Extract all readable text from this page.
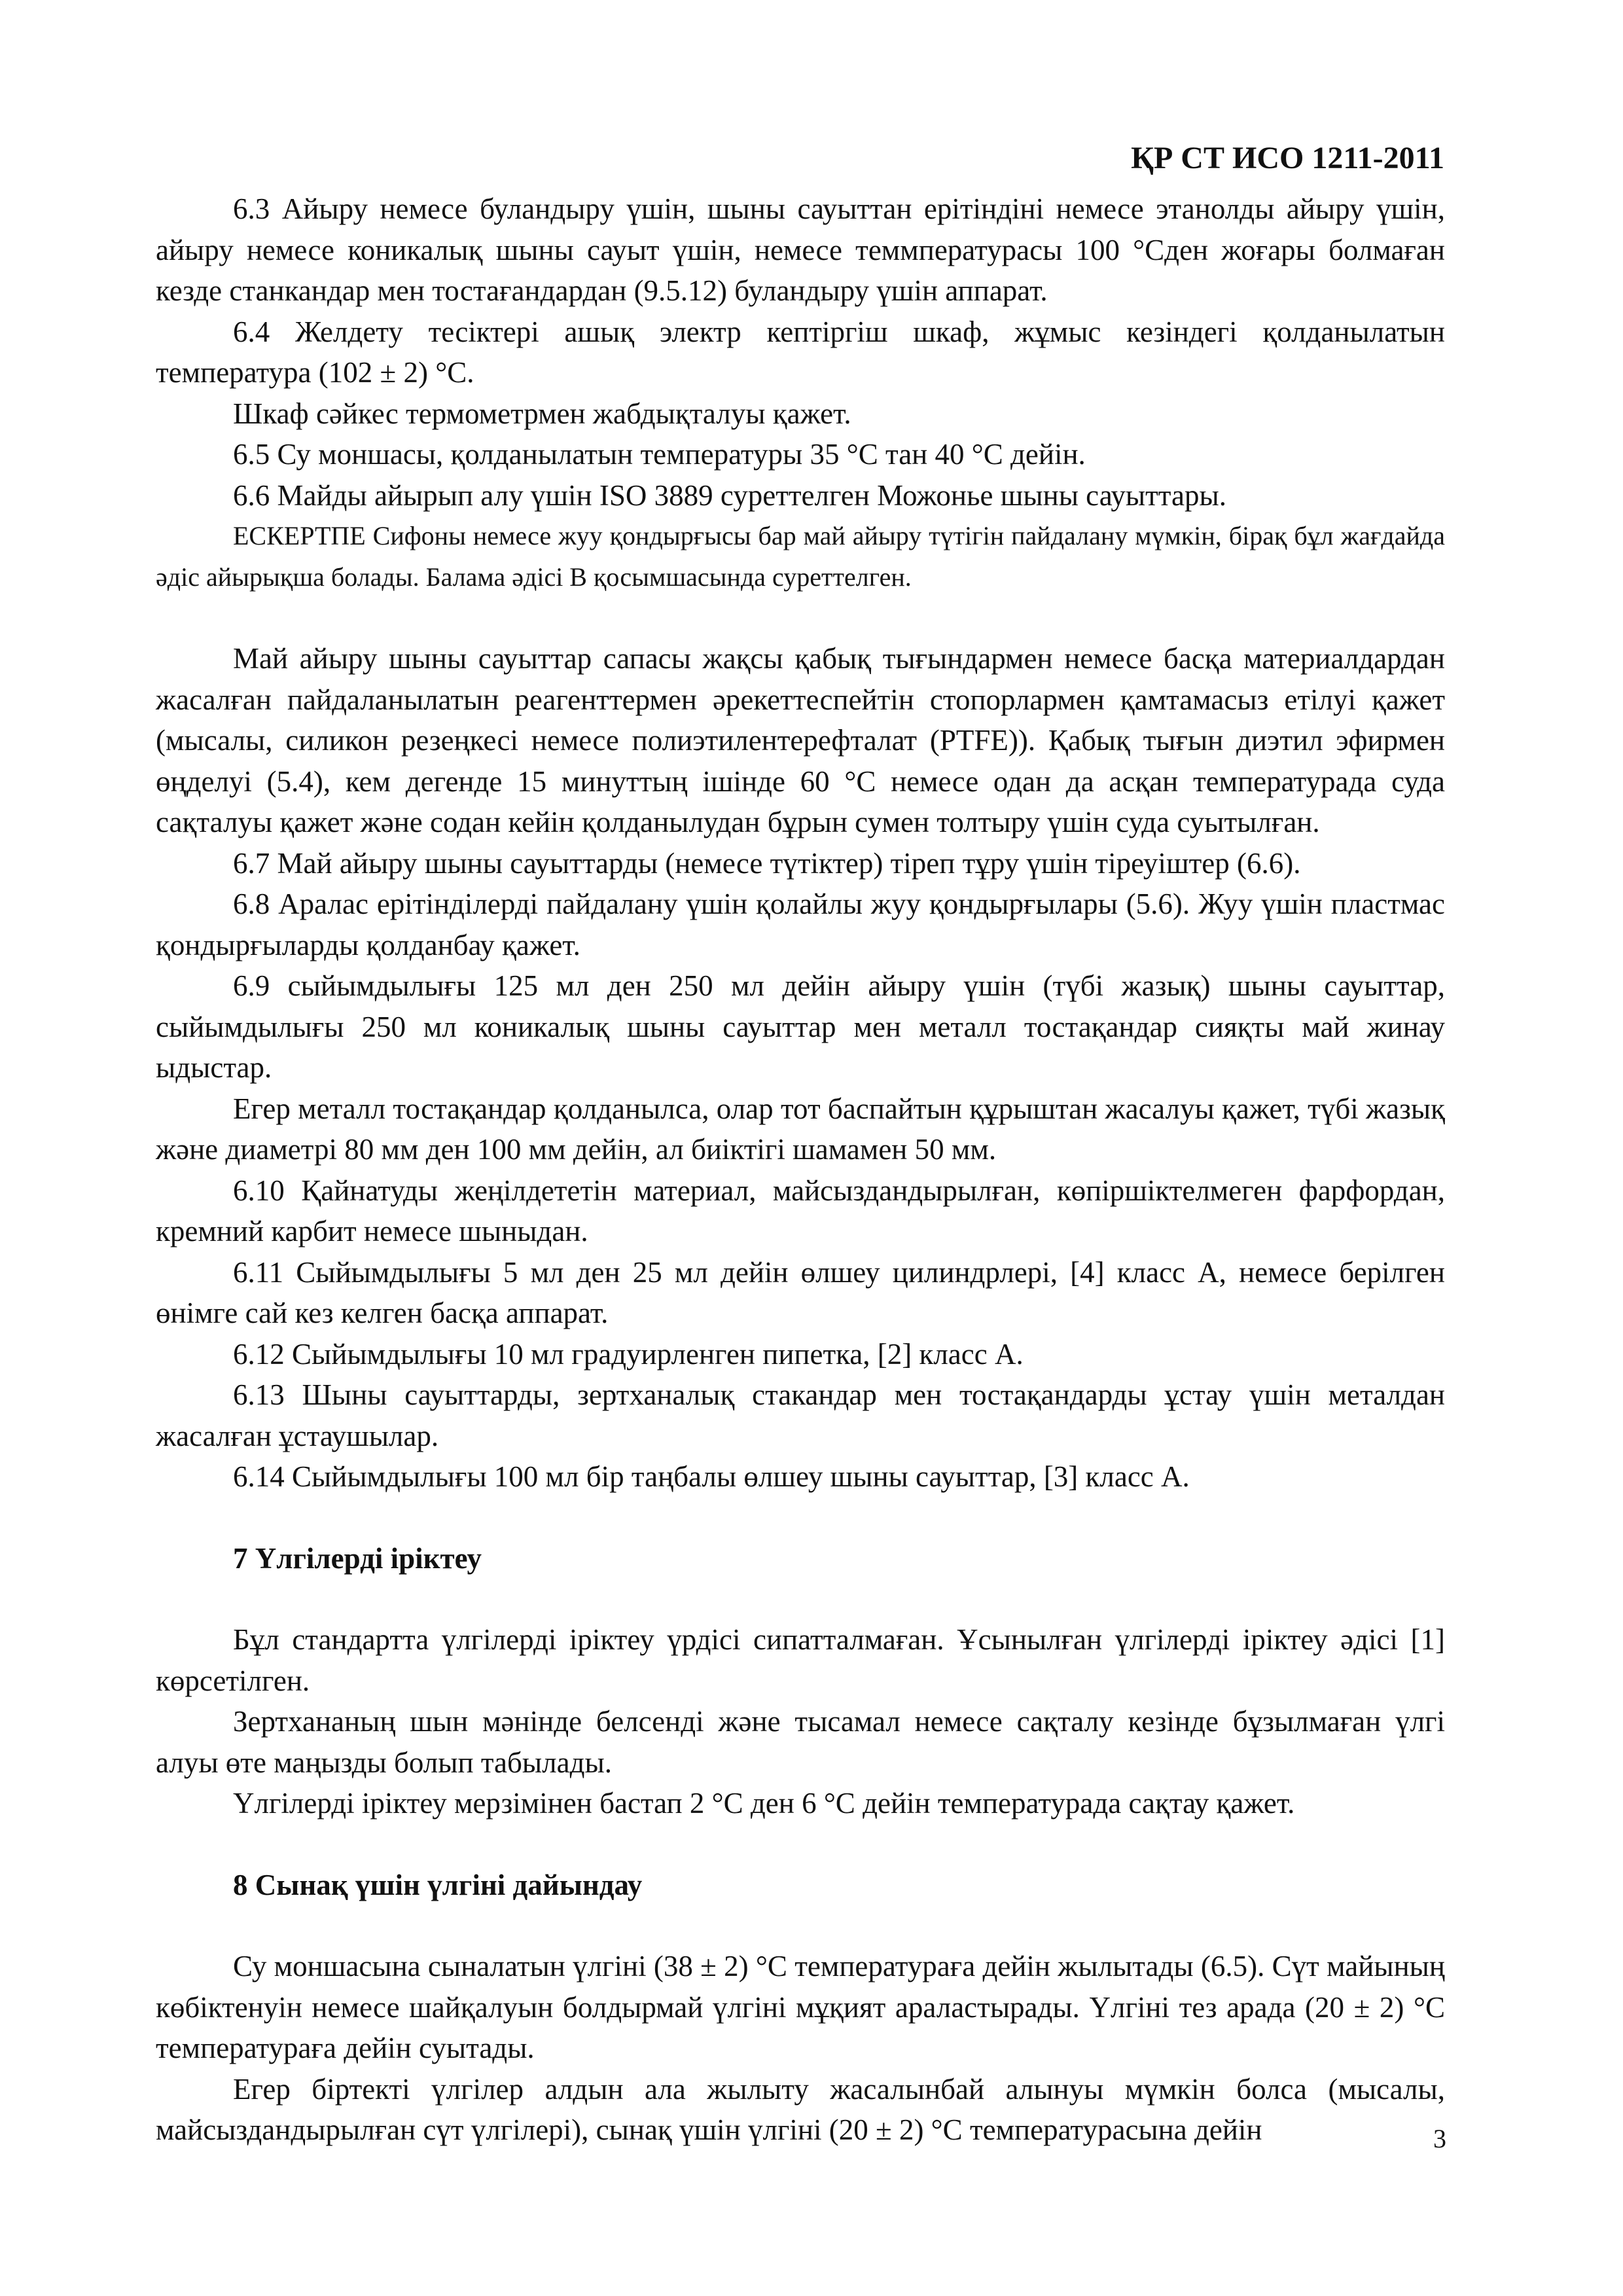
ҚР СТ ИСО 1211-2011

6.3 Айыру немесе буландыру үшін, шыны сауыттан ерітіндіні немесе этанолды айыру үшін, айыру немесе коникалық шыны сауыт үшін, немесе теммпературасы 100 °Сден жоғары болмаған кезде станкандар мен тостағандардан (9.5.12) буландыру үшін аппарат.

6.4 Желдету тесіктері ашық электр кептіргіш шкаф, жұмыс кезіндегі қолданылатын температура (102 ± 2) °С.

Шкаф сәйкес термометрмен жабдықталуы қажет.

6.5 Су моншасы, қолданылатын температуры 35 °С тан 40 °С дейін.

6.6 Майды айырып алу үшін ISO 3889 суреттелген Можонье шыны сауыттары.

ЕСКЕРТПЕ Сифоны немесе жуу қондырғысы бар май айыру түтігін пайдалану мүмкін, бірақ бұл жағдайда әдіс айырықша болады. Балама әдісі В қосымшасында суреттелген.

Май айыру шыны сауыттар сапасы жақсы қабық тығындармен немесе басқа материалдардан жасалған пайдаланылатын реагенттермен әрекеттеспейтін стопорлармен қамтамасыз етілуі қажет (мысалы, силикон резеңкесі немесе полиэтилентерефталат (PTFE)). Қабық тығын диэтил эфирмен өңделуі (5.4), кем дегенде 15 минуттың ішінде 60 °С немесе одан да асқан температурада суда сақталуы қажет және содан кейін қолданылудан бұрын сумен толтыру үшін суда суытылған.

6.7 Май айыру шыны сауыттарды (немесе түтіктер) тіреп тұру үшін тіреуіштер (6.6).

6.8 Аралас ерітінділерді пайдалану үшін қолайлы жуу қондырғылары (5.6). Жуу үшін пластмас қондырғыларды қолданбау қажет.

6.9 сыйымдылығы 125 мл ден 250 мл дейін айыру үшін (түбі жазық) шыны сауыттар, сыйымдылығы 250 мл коникалық шыны сауыттар мен металл тостақандар сияқты май жинау ыдыстар.

Егер металл тостақандар қолданылса, олар тот баспайтын құрыштан жасалуы қажет, түбі жазық және диаметрі 80 мм ден 100 мм дейін, ал биіктігі шамамен 50 мм.

6.10 Қайнатуды жеңілдететін материал, майсыздандырылған, көпіршіктелмеген фарфордан, кремний карбит немесе шыныдан.

6.11 Сыйымдылығы 5 мл ден 25 мл дейін өлшеу цилиндрлері, [4] класс А, немесе берілген өнімге сай кез келген басқа аппарат.

6.12 Сыйымдылығы 10 мл градуирленген пипетка, [2] класс А.

6.13 Шыны сауыттарды, зертханалық стакандар мен тостақандарды ұстау үшін металдан жасалған ұстаушылар.

6.14 Сыйымдылығы 100 мл бір таңбалы өлшеу шыны сауыттар, [3] класс А.

7 Үлгілерді іріктеу

Бұл стандартта үлгілерді іріктеу үрдісі сипатталмаған. Ұсынылған үлгілерді іріктеу әдісі [1] көрсетілген.

Зертхананың шын мәнінде белсенді және тысамал немесе сақталу кезінде бұзылмаған үлгі алуы өте маңызды болып табылады.

Үлгілерді іріктеу мерзімінен бастап 2 °С ден 6 °С дейін температурада сақтау қажет.

8 Сынақ үшін үлгіні дайындау

Су моншасына сыналатын үлгіні (38 ± 2) °С температураға дейін жылытады (6.5). Сүт майының көбіктенуін немесе шайқалуын болдырмай үлгіні мұқият араластырады. Үлгіні тез арада (20 ± 2) °С температураға дейін суытады.

Егер біртекті үлгілер алдын ала жылыту жасалынбай алынуы мүмкін болса (мысалы, майсыздандырылған сүт үлгілері), сынақ үшін үлгіні (20 ± 2) °С температурасына дейін	3
